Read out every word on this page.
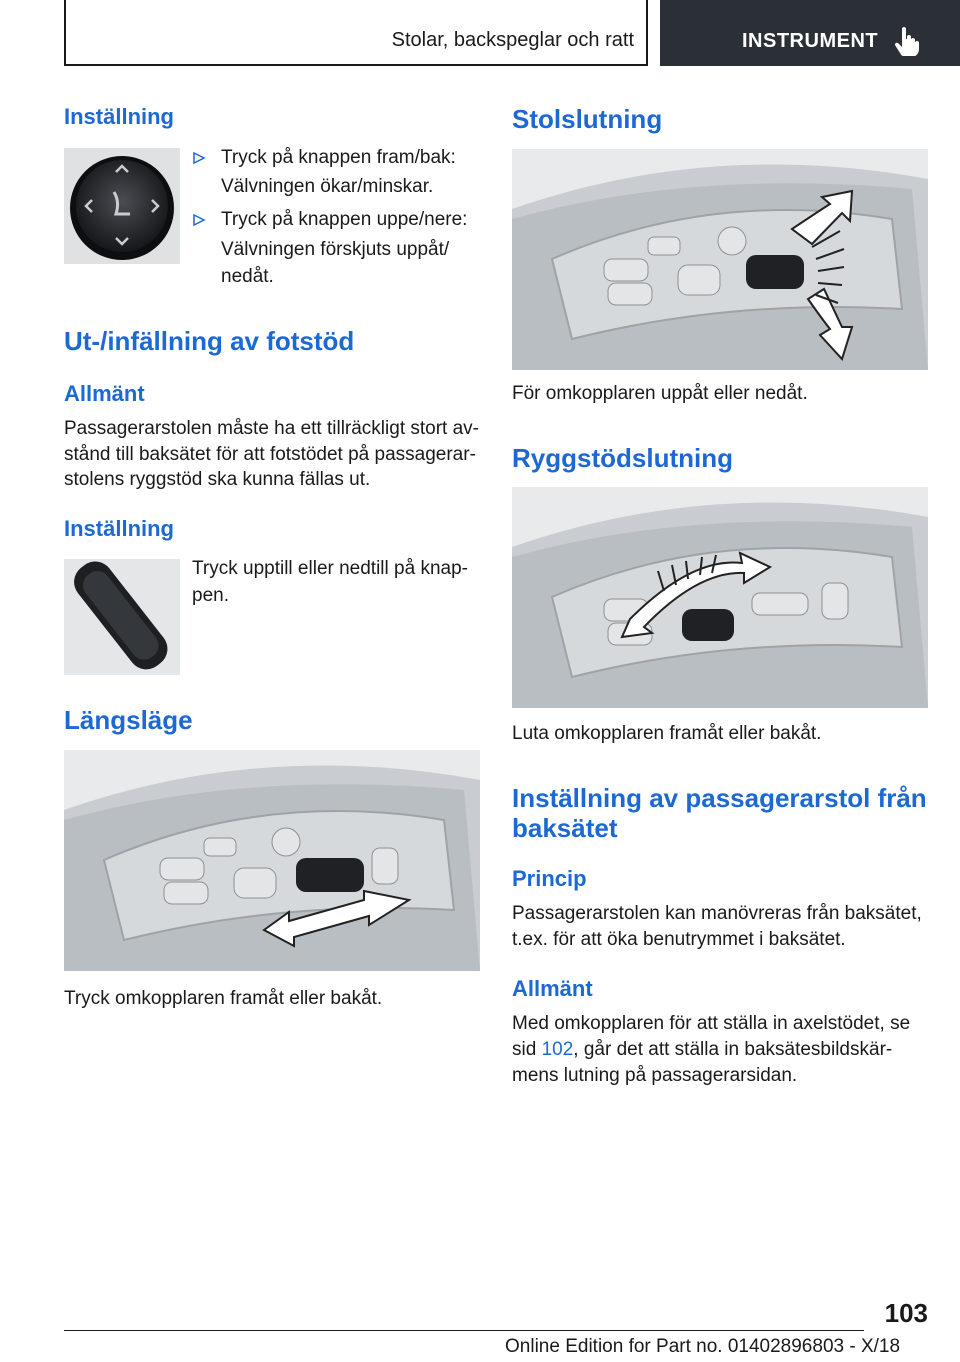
Stolar, backspeglar och ratt	INSTRUMENT
Inställning
Tryck på knappen fram/bak:
Välvningen ökar/minskar.
Tryck på knappen uppe/nere:
Välvningen förskjuts uppåt/
nedåt.
Ut-/infällning av fotstöd
Allmänt
Passagerarstolen måste ha ett tillräckligt stort av-
stånd till baksätet för att fotstödet på passagerar-
stolens ryggstöd ska kunna fällas ut.
Inställning
Tryck upptill eller nedtill på knap-
pen.
Längsläge
Tryck omkopplaren framåt eller bakåt.
Stolslutning
För omkopplaren uppåt eller nedåt.
Ryggstödslutning
Luta omkopplaren framåt eller bakåt.
Inställning av passagerarstol från
baksätet
Princip
Passagerarstolen kan manövreras från baksätet,
t.ex. för att öka benutrymmet i baksätet.
Allmänt
Med omkopplaren för att ställa in axelstödet, se
sid 102, går det att ställa in baksätesbildskär-
mens lutning på passagerarsidan.
103
Online Edition for Part no. 01402896803 - X/18
